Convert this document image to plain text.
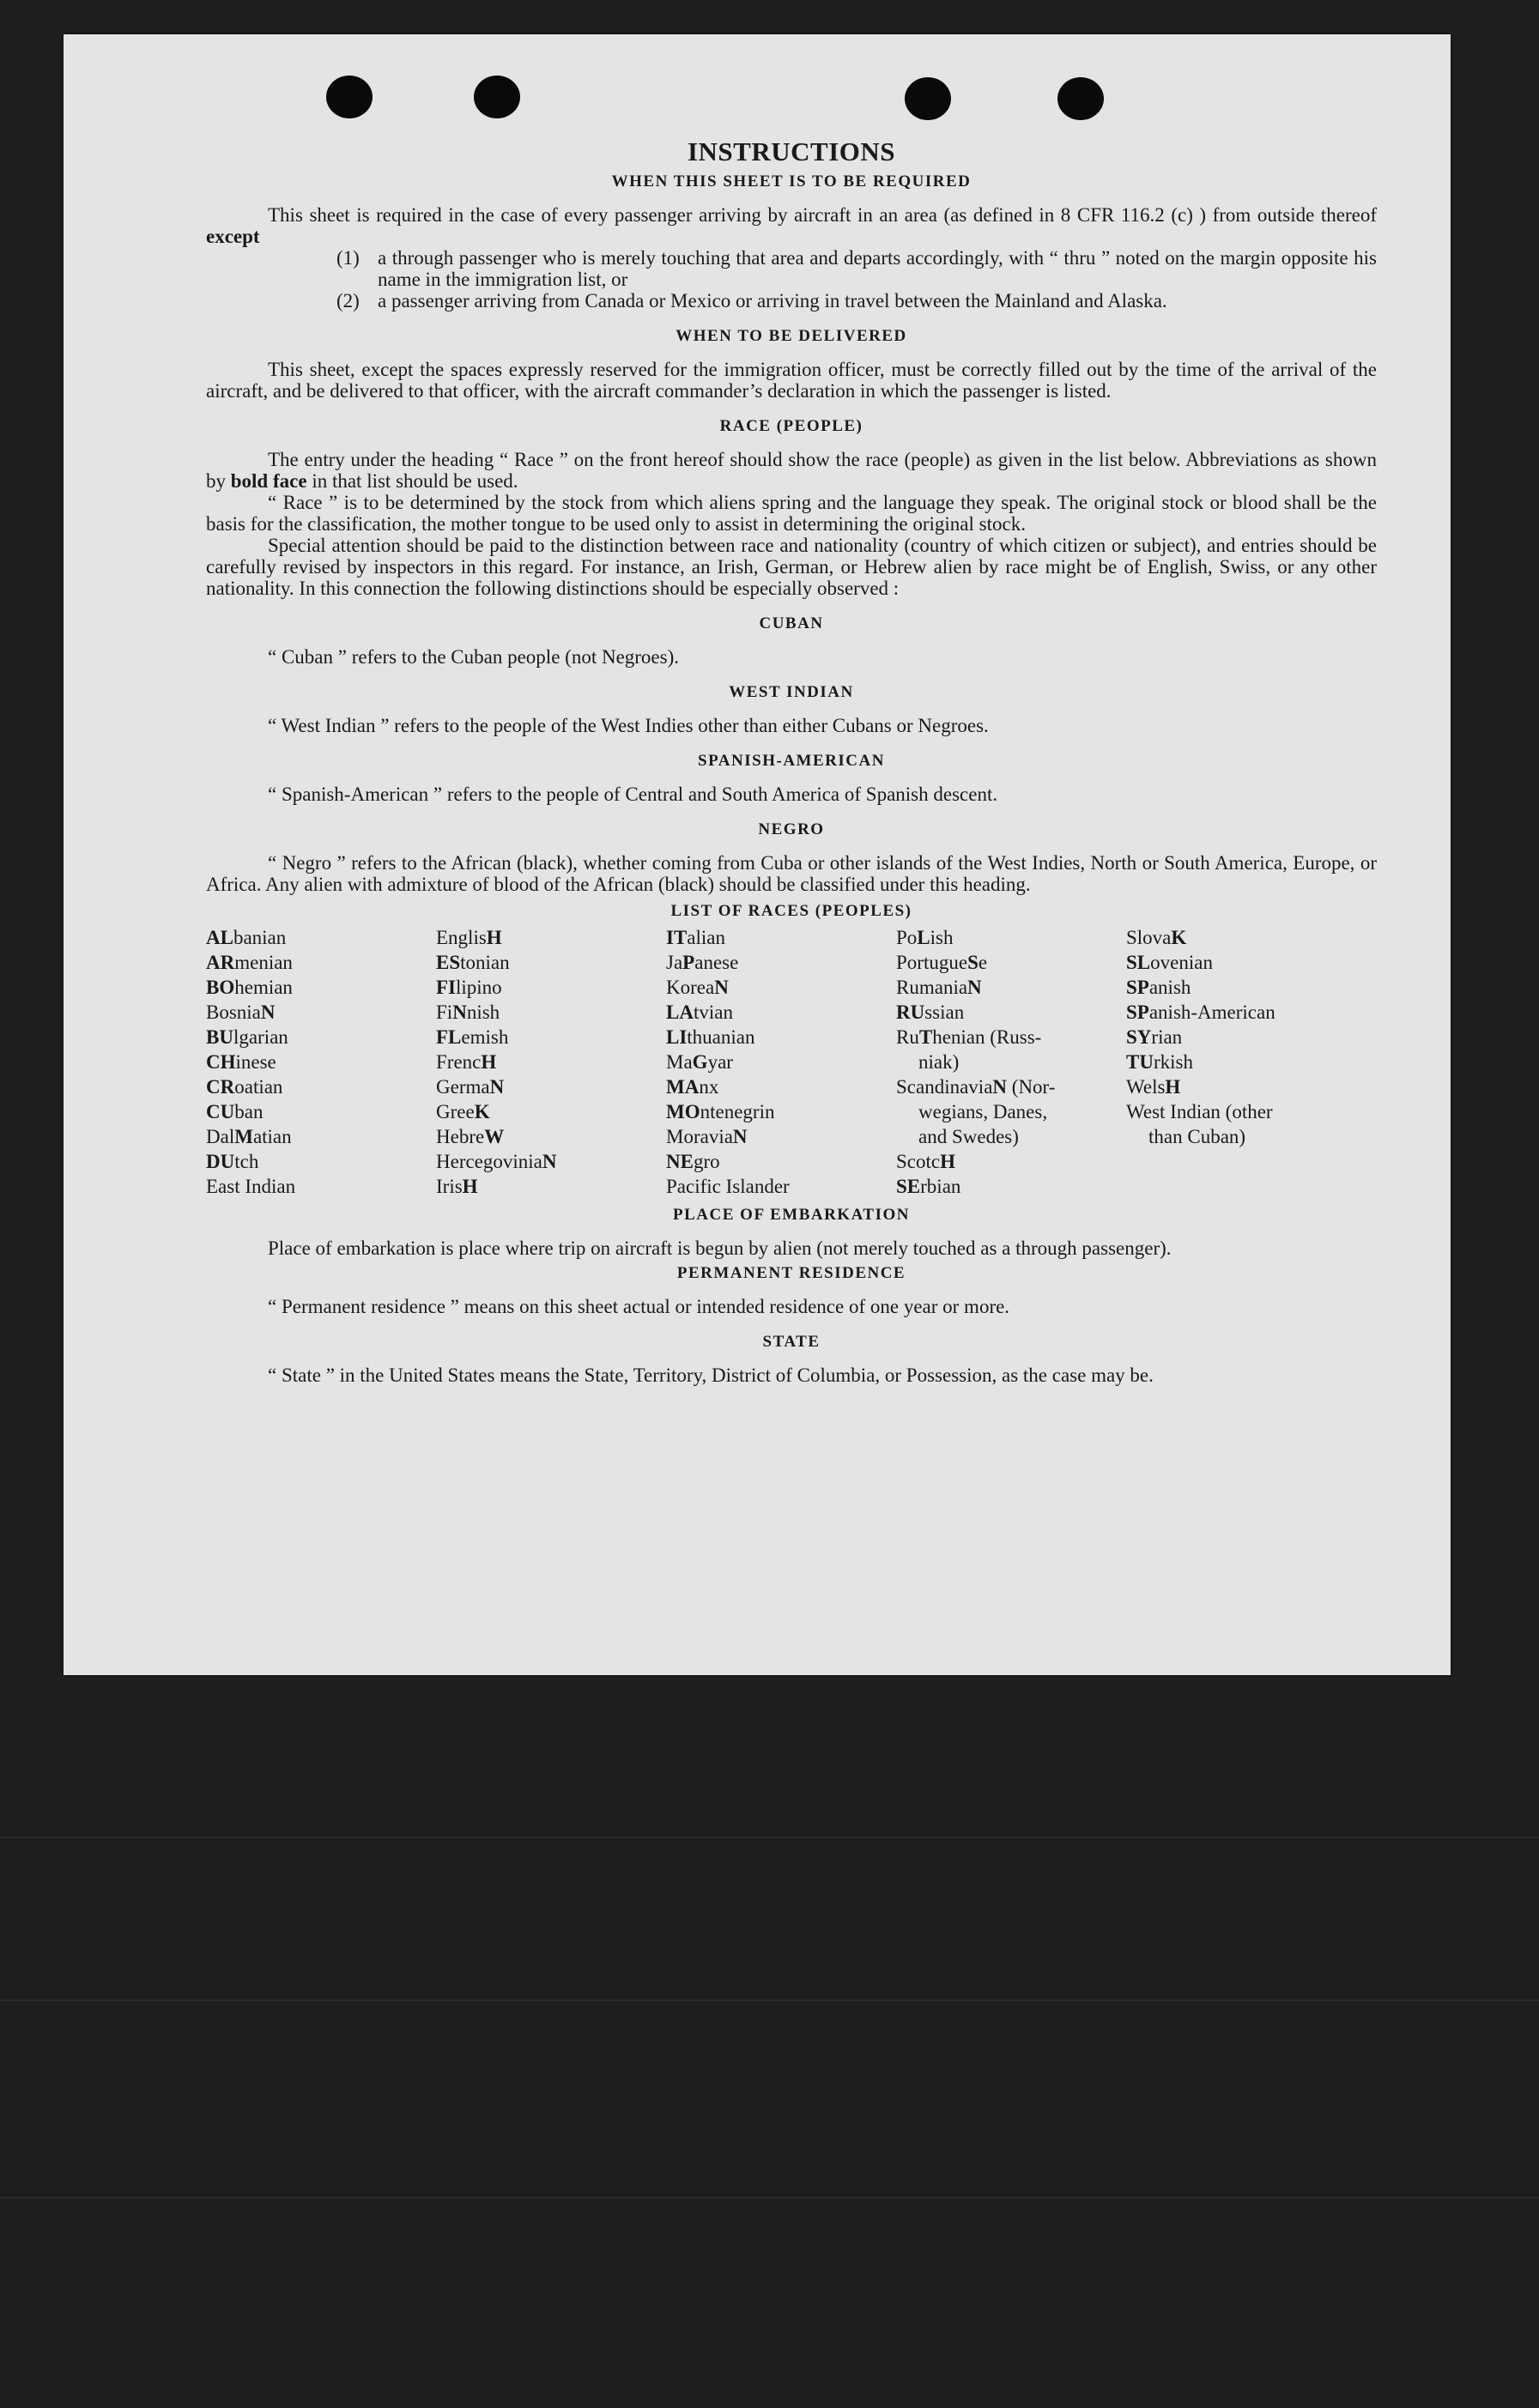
INSTRUCTIONS
WHEN THIS SHEET IS TO BE REQUIRED

This sheet is required in the case of every passenger arriving by aircraft in an area (as defined in 8 CFR 116.2 (c) ) from outside thereof except

(1) a through passenger who is merely touching that area and departs accordingly, with “ thru ” noted on the margin opposite his name in the immigration list, or
(2) a passenger arriving from Canada or Mexico or arriving in travel between the Mainland and Alaska.
WHEN TO BE DELIVERED

This sheet, except the spaces expressly reserved for the immigration officer, must be correctly filled out by the time of the arrival of the aircraft, and be delivered to that officer, with the aircraft commander’s declaration in which the passenger is listed.

RACE (PEOPLE)

The entry under the heading “ Race ” on the front hereof should show the race (people) as given in the list below. Abbreviations as shown by bold face in that list should be used.

“ Race ” is to be determined by the stock from which aliens spring and the language they speak. The original stock or blood shall be the basis for the classification, the mother tongue to be used only to assist in determining the original stock.

Special attention should be paid to the distinction between race and nationality (country of which citizen or subject), and entries should be carefully revised by inspectors in this regard. For instance, an Irish, German, or Hebrew alien by race might be of English, Swiss, or any other nationality. In this connection the following distinctions should be especially observed :

CUBAN

“ Cuban ” refers to the Cuban people (not Negroes).

WEST INDIAN

“ West Indian ” refers to the people of the West Indies other than either Cubans or Negroes.

SPANISH-AMERICAN

“ Spanish-American ” refers to the people of Central and South America of Spanish descent.

NEGRO

“ Negro ” refers to the African (black), whether coming from Cuba or other islands of the West Indies, North or South America, Europe, or Africa. Any alien with admixture of blood of the African (black) should be classified under this heading.

LIST OF RACES (PEOPLES)
ALbanian
ARmenian
BOhemian
BosniaN
BUlgarian
CHinese
CRoatian
CUban
DalMatian
DUtch
East Indian
EnglisH
EStonian
FIlipino
FiNnish
FLemish
FrencH
GermaN
GreeK
HebreW
HercegoviniaN
IrisH
ITalian
JaPanese
KoreaN
LAtvian
LIthuanian
MaGyar
MAnx
MOntenegrin
MoraviaN
NEgro
Pacific Islander
PoLish
PortugueSe
RumaniaN
RUssian
RuThenian (Russ-
niak)
ScandinaviaN (Nor-
wegians, Danes,
and Swedes)
ScotcH
SErbian
SlovaK
SLovenian
SPanish
SPanish-American
SYrian
TUrkish
WelsH
West Indian (other
than Cuban)
PLACE OF EMBARKATION

Place of embarkation is place where trip on aircraft is begun by alien (not merely touched as a through passenger).

PERMANENT RESIDENCE

“ Permanent residence ” means on this sheet actual or intended residence of one year or more.

STATE

“ State ” in the United States means the State, Territory, District of Columbia, or Possession, as the case may be.
